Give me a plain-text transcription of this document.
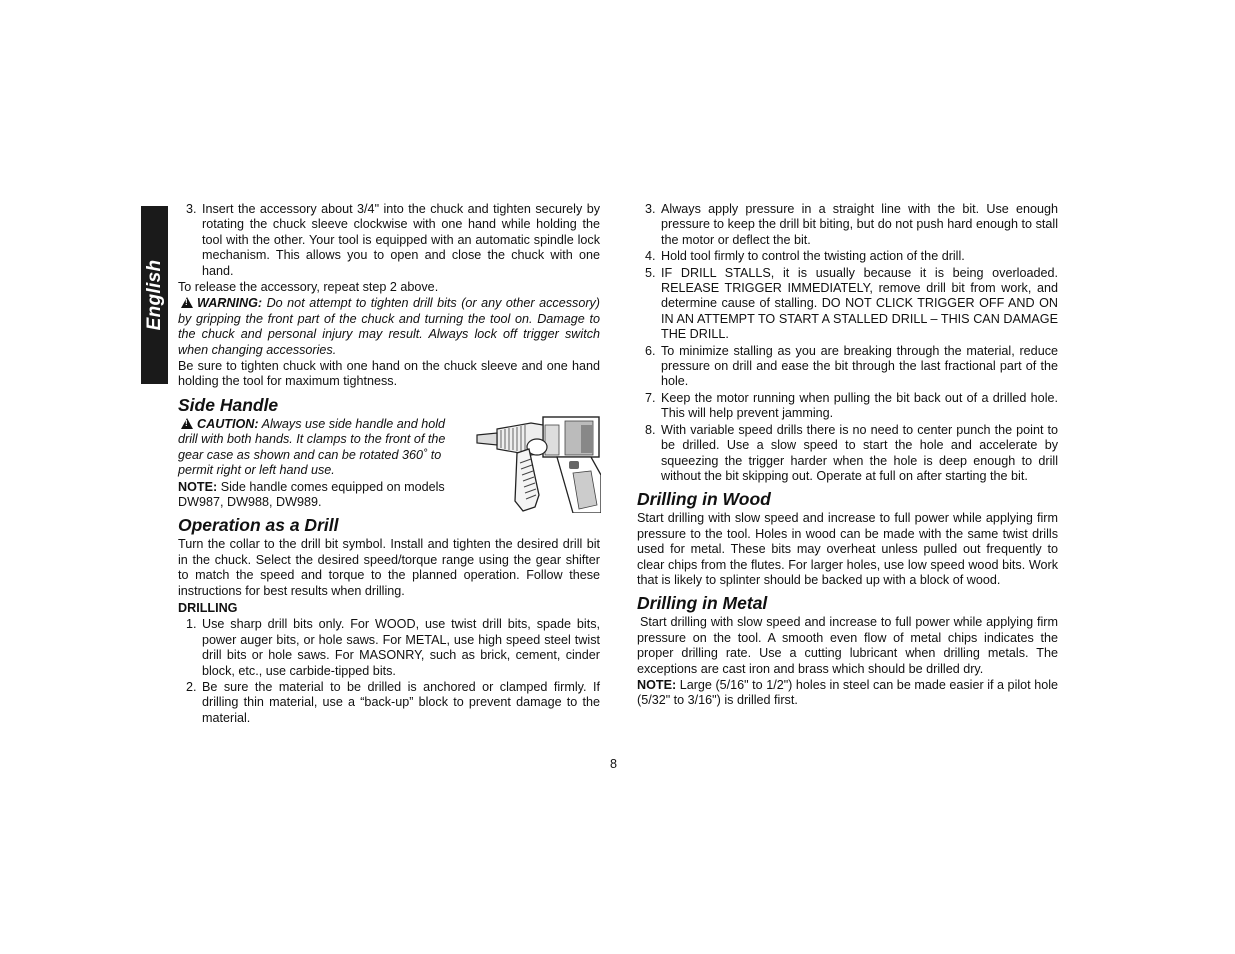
English
3. Insert the accessory about 3/4" into the chuck and tighten securely by rotating the chuck sleeve clockwise with one hand while holding the tool with the other. Your tool is equipped with an automatic spindle lock mechanism. This allows you to open and close the chuck with one hand.

To release the accessory, repeat step 2 above.

!WARNING: Do not attempt to tighten drill bits (or any other accessory) by gripping the front part of the chuck and turning the tool on. Damage to the chuck and personal injury may result. Always lock off trigger switch when changing accessories.

Be sure to tighten chuck with one hand on the chuck sleeve and one hand holding the tool for maximum tightness.

Side Handle

!CAUTION: Always use side handle and hold drill with both hands. It clamps to the front of the gear case as shown and can be rotated 360˚ to permit right or left hand use.

NOTE: Side handle comes equipped on models DW987, DW988, DW989.

Operation as a Drill

Turn the collar to the drill bit symbol. Install and tighten the desired drill bit in the chuck. Select the desired speed/torque range using the gear shifter to match the speed and torque to the planned operation. Follow these instructions for best results when drilling.

DRILLING
1. Use sharp drill bits only. For WOOD, use twist drill bits, spade bits, power auger bits, or hole saws. For METAL, use high speed steel twist drill bits or hole saws. For MASONRY, such as brick, cement, cinder block, etc., use carbide-tipped bits.
2. Be sure the material to be drilled is anchored or clamped firmly. If drilling thin material, use a “back-up” block to prevent damage to the material.
3. Always apply pressure in a straight line with the bit. Use enough pressure to keep the drill bit biting, but do not push hard enough to stall the motor or deflect the bit.
4. Hold tool firmly to control the twisting action of the drill.
5. IF DRILL STALLS, it is usually because it is being overloaded. RELEASE TRIGGER IMMEDIATELY, remove drill bit from work, and determine cause of stalling. DO NOT CLICK TRIGGER OFF AND ON IN AN ATTEMPT TO START A STALLED DRILL – THIS CAN DAMAGE THE DRILL.
6. To minimize stalling as you are breaking through the material, reduce pressure on drill and ease the bit through the last fractional part of the hole.
7. Keep the motor running when pulling the bit back out of a drilled hole. This will help prevent jamming.
8. With variable speed drills there is no need to center punch the point to be drilled. Use a slow speed to start the hole and accelerate by squeezing the trigger harder when the hole is deep enough to drill without the bit skipping out. Operate at full on after starting the bit.
Drilling in Wood

Start drilling with slow speed and increase to full power while applying firm pressure to the tool. Holes in wood can be made with the same twist drills used for metal. These bits may overheat unless pulled out frequently to clear chips from the flutes. For larger holes, use low speed wood bits. Work that is likely to splinter should be backed up with a block of wood.

Drilling in Metal

Start drilling with slow speed and increase to full power while applying firm pressure on the tool. A smooth even flow of metal chips indicates the proper drilling rate. Use a cutting lubricant when drilling metals. The exceptions are cast iron and brass which should be drilled dry.

NOTE: Large (5/16" to 1/2") holes in steel can be made easier if a pilot hole (5/32" to 3/16") is drilled first.

8
